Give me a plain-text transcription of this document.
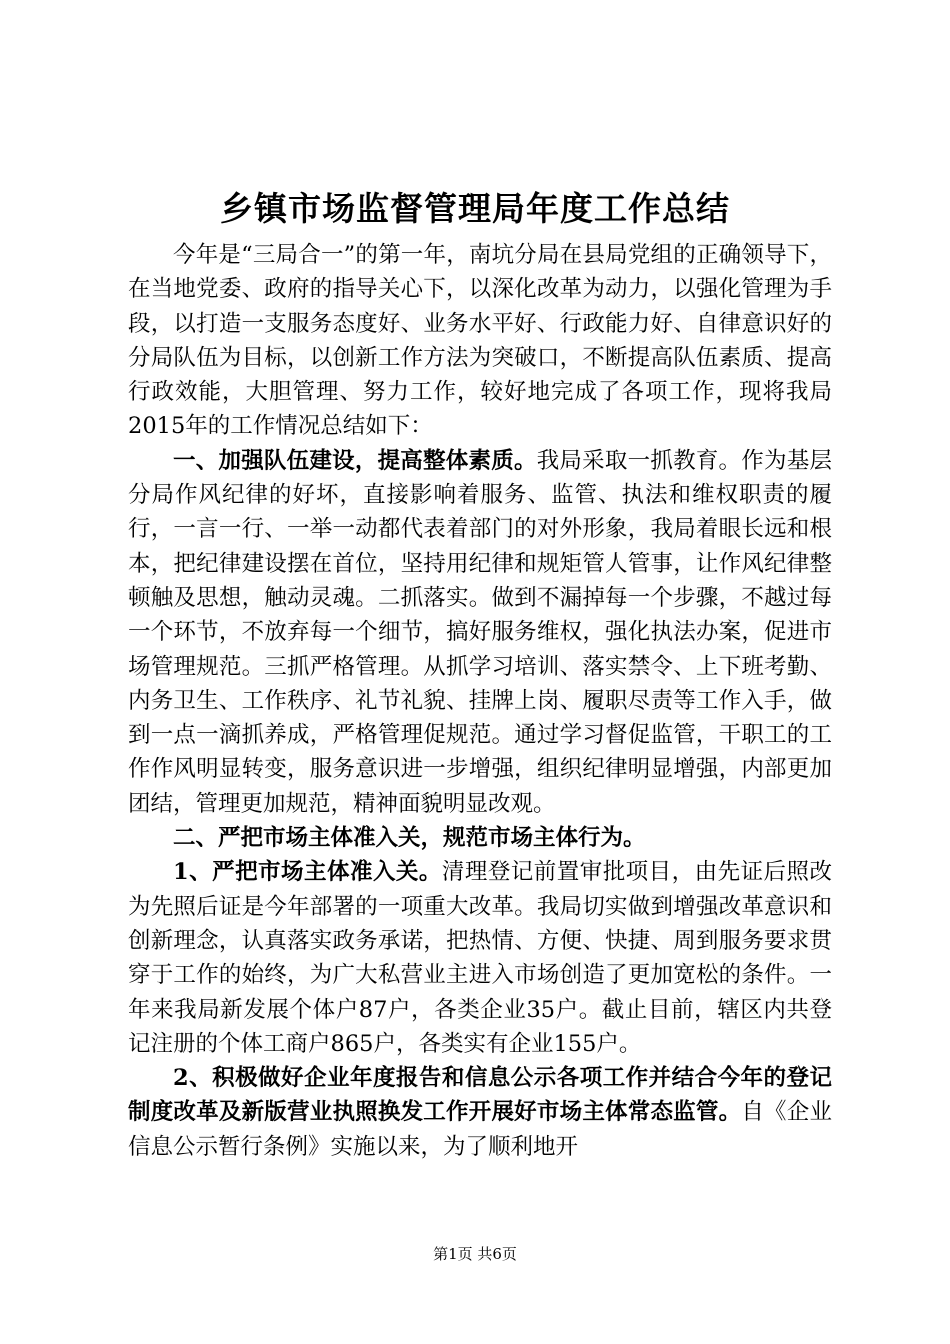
乡镇市场监督管理局年度工作总结

今年是“三局合一”的第一年，南坑分局在县局党组的正确领导下，在当地党委、政府的指导关心下，以深化改革为动力，以强化管理为手段，以打造一支服务态度好、业务水平好、行政能力好、自律意识好的分局队伍为目标，以创新工作方法为突破口，不断提高队伍素质、提高行政效能，大胆管理、努力工作，较好地完成了各项工作，现将我局2015年的工作情况总结如下：

一、加强队伍建设，提高整体素质。我局采取一抓教育。作为基层分局作风纪律的好坏，直接影响着服务、监管、执法和维权职责的履行，一言一行、一举一动都代表着部门的对外形象，我局着眼长远和根本，把纪律建设摆在首位，坚持用纪律和规矩管人管事，让作风纪律整顿触及思想，触动灵魂。二抓落实。做到不漏掉每一个步骤，不越过每一个环节，不放弃每一个细节，搞好服务维权，强化执法办案，促进市场管理规范。三抓严格管理。从抓学习培训、落实禁令、上下班考勤、内务卫生、工作秩序、礼节礼貌、挂牌上岗、履职尽责等工作入手，做到一点一滴抓养成，严格管理促规范。通过学习督促监管，干职工的工作作风明显转变，服务意识进一步增强，组织纪律明显增强，内部更加团结，管理更加规范，精神面貌明显改观。

二、严把市场主体准入关，规范市场主体行为。

1、严把市场主体准入关。清理登记前置审批项目，由先证后照改为先照后证是今年部署的一项重大改革。我局切实做到增强改革意识和创新理念，认真落实政务承诺，把热情、方便、快捷、周到服务要求贯穿于工作的始终，为广大私营业主进入市场创造了更加宽松的条件。一年来我局新发展个体户87户，各类企业35户。截止目前，辖区内共登记注册的个体工商户865户，各类实有企业155户。

2、积极做好企业年度报告和信息公示各项工作并结合今年的登记制度改革及新版营业执照换发工作开展好市场主体常态监管。自《企业信息公示暂行条例》实施以来，为了顺利地开

第1页 共6页
